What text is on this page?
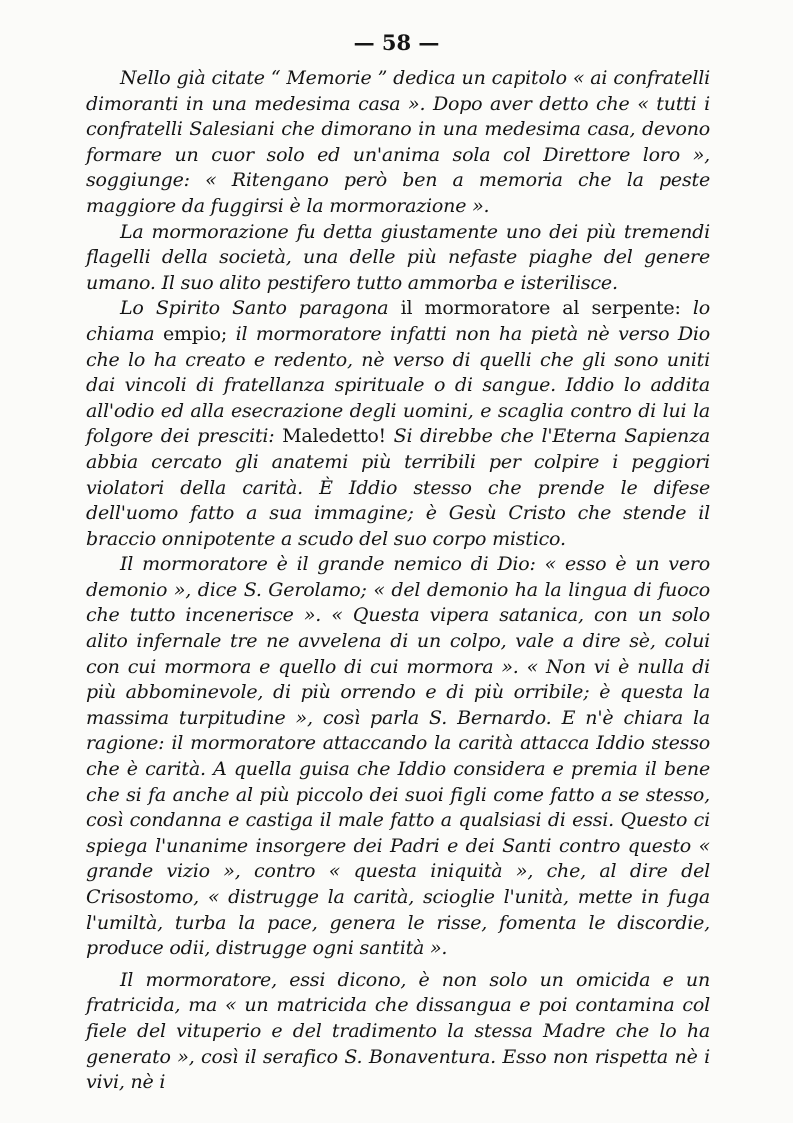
— 58 —

Nello già citate “ Memorie ” dedica un capitolo « ai confratelli dimoranti in una medesima casa ». Dopo aver detto che « tutti i confratelli Salesiani che dimorano in una medesima casa, devono formare un cuor solo ed un'anima sola col Direttore loro », soggiunge: « Ritengano però ben a memoria che la peste maggiore da fuggirsi è la mormorazione ».

La mormorazione fu detta giustamente uno dei più tremendi flagelli della società, una delle più nefaste piaghe del genere umano. Il suo alito pestifero tutto ammorba e isterilisce.

Lo Spirito Santo paragona il mormoratore al serpente: lo chiama empio; il mormoratore infatti non ha pietà nè verso Dio che lo ha creato e redento, nè verso di quelli che gli sono uniti dai vincoli di fratellanza spirituale o di sangue. Iddio lo addita all'odio ed alla esecrazione degli uomini, e scaglia contro di lui la folgore dei presciti: Maledetto! Si direbbe che l'Eterna Sapienza abbia cercato gli anatemi più terribili per colpire i peggiori violatori della carità. È Iddio stesso che prende le difese dell'uomo fatto a sua immagine; è Gesù Cristo che stende il braccio onnipotente a scudo del suo corpo mistico.

Il mormoratore è il grande nemico di Dio: « esso è un vero demonio », dice S. Gerolamo; « del demonio ha la lingua di fuoco che tutto incenerisce ». « Questa vipera satanica, con un solo alito infernale tre ne avvelena di un colpo, vale a dire sè, colui con cui mormora e quello di cui mormora ». « Non vi è nulla di più abbominevole, di più orrendo e di più orribile; è questa la massima turpitudine », così parla S. Bernardo. E n'è chiara la ragione: il mormoratore attaccando la carità attacca Iddio stesso che è carità. A quella guisa che Iddio considera e premia il bene che si fa anche al più piccolo dei suoi figli come fatto a se stesso, così condanna e castiga il male fatto a qualsiasi di essi. Questo ci spiega l'unanime insorgere dei Padri e dei Santi contro questo « grande vizio », contro « questa iniquità », che, al dire del Crisostomo, « distrugge la carità, scioglie l'unità, mette in fuga l'umiltà, turba la pace, genera le risse, fomenta le discordie, produce odii, distrugge ogni santità ».

Il mormoratore, essi dicono, è non solo un omicida e un fratricida, ma « un matricida che dissangua e poi contamina col fiele del vituperio e del tradimento la stessa Madre che lo ha generato », così il serafico S. Bonaventura. Esso non rispetta nè i vivi, nè i
